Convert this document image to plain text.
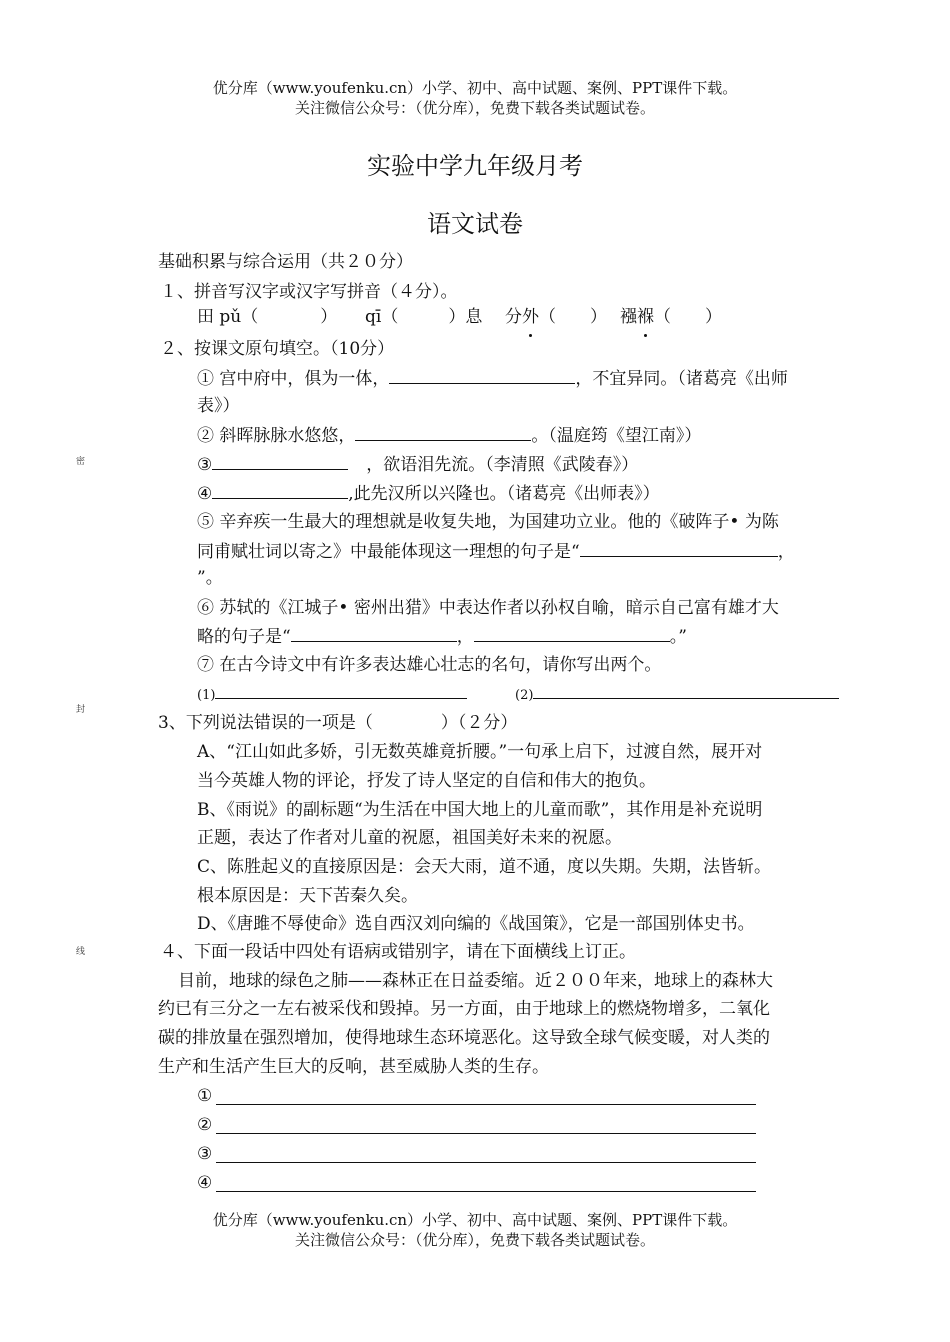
优分库（www.youfenku.cn）小学、初中、高中试题、案例、PPT课件下载。
关注微信公众号：（优分库），免费下载各类试题试卷。
实验中学九年级月考
语文试卷
密
封
线
基础积累与综合运用（共２０分）
１、拼音写汉字或汉字写拼音（４分）。
田 pǔ（	） qī（	）息 分外（　　） 襁褓（　　）
２、按课文原句填空。（10分）
① 宫中府中，俱为一体，	，不宜异同。（诸葛亮《出师
表》）
② 斜晖脉脉水悠悠，	。（温庭筠《望江南》）
③	，欲语泪先流。（李清照《武陵春》）
④	,此先汉所以兴隆也。（诸葛亮《出师表》）
⑤ 辛弃疾一生最大的理想就是收复失地，为国建功立业。他的《破阵子• 为陈
同甫赋壮词以寄之》中最能体现这一理想的句子是“	，
”。
⑥ 苏轼的《江城子• 密州出猎》中表达作者以孙权自喻，暗示自己富有雄才大
略的句子是“	，	。”
⑦ 在古今诗文中有许多表达雄心壮志的名句，请你写出两个。
(1)	(2)
3、下列说法错误的一项是（　　　　）（２分）
A、“江山如此多娇，引无数英雄竟折腰。”一句承上启下，过渡自然，展开对
当今英雄人物的评论，抒发了诗人坚定的自信和伟大的抱负。
B、《雨说》的副标题“为生活在中国大地上的儿童而歌”，其作用是补充说明
正题，表达了作者对儿童的祝愿，祖国美好未来的祝愿。
C、陈胜起义的直接原因是：会天大雨，道不通，度以失期。失期，法皆斩。
根本原因是：天下苦秦久矣。
D、《唐雎不辱使命》选自西汉刘向编的《战国策》，它是一部国别体史书。
４、下面一段话中四处有语病或错别字，请在下面横线上订正。
目前，地球的绿色之肺——森林正在日益委缩。近２００年来，地球上的森林大
约已有三分之一左右被采伐和毁掉。另一方面，由于地球上的燃烧物增多，二氧化
碳的排放量在强烈增加，使得地球生态环境恶化。这导致全球气候变暖，对人类的
生产和生活产生巨大的反响，甚至威胁人类的生存。
①
②
③
④
优分库（www.youfenku.cn）小学、初中、高中试题、案例、PPT课件下载。
关注微信公众号：（优分库），免费下载各类试题试卷。
